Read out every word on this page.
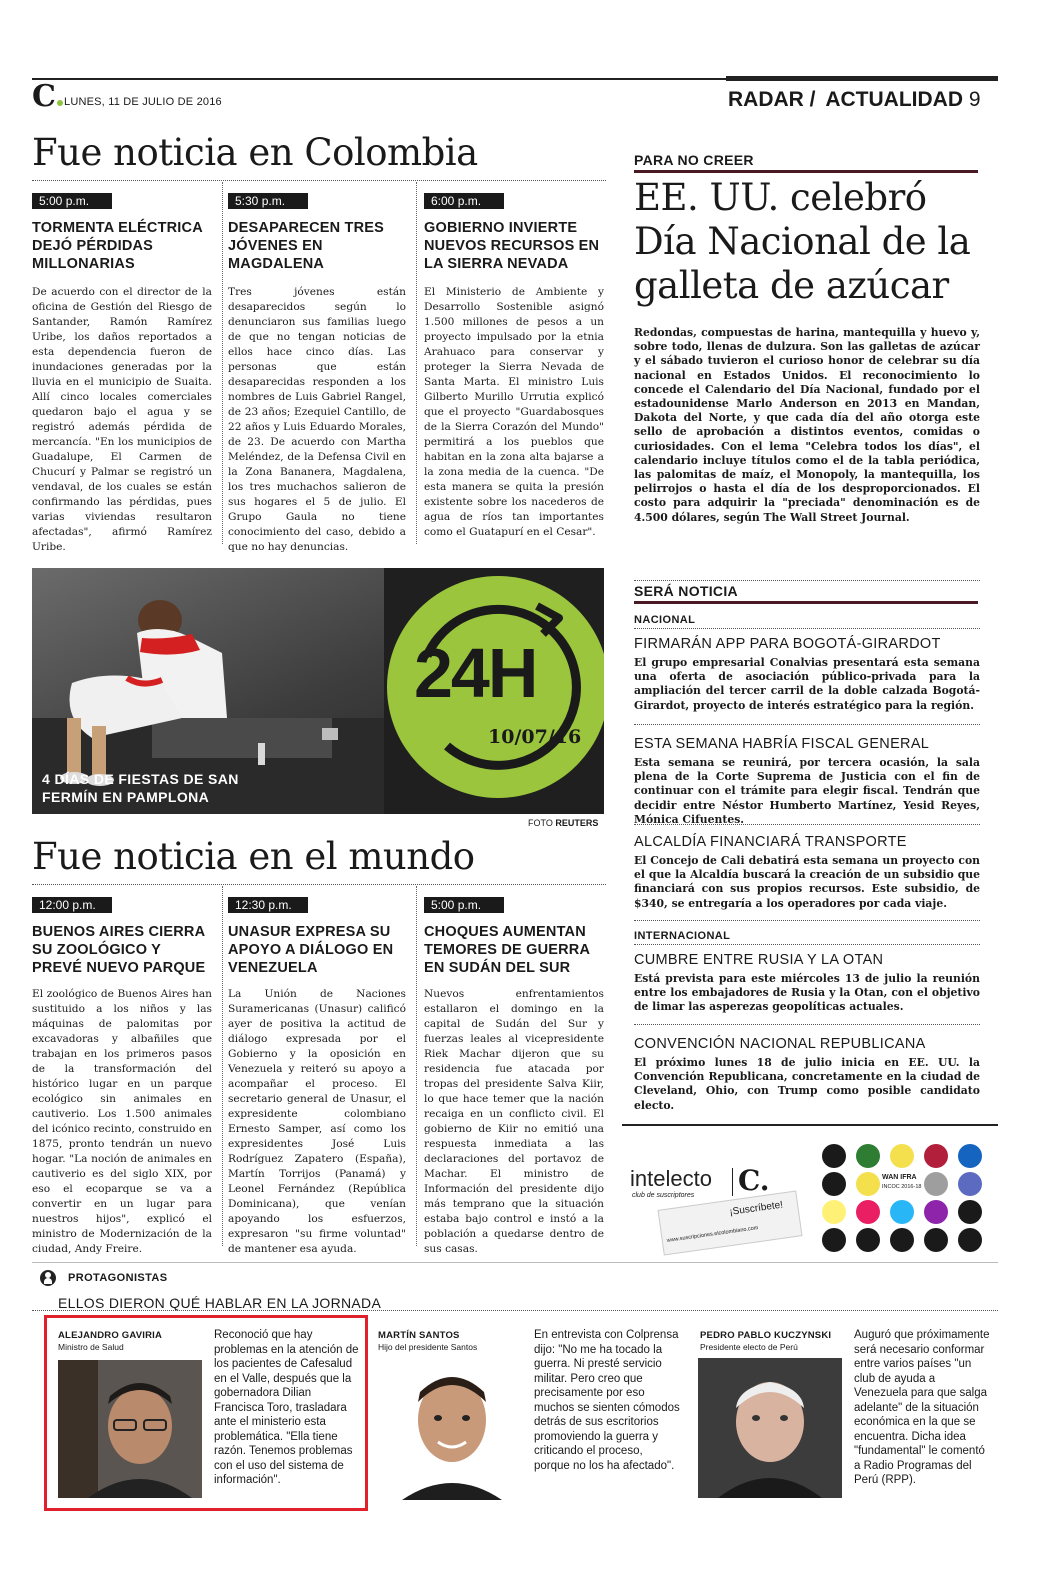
C LUNES, 11 DE JULIO DE 2016	RADAR / ACTUALIDAD 9
Fue noticia en Colombia
5:00 p.m.
TORMENTA ELÉCTRICA DEJÓ PÉRDIDAS MILLONARIAS
De acuerdo con el director de la oficina de Gestión del Riesgo de Santander, Ramón Ramírez Uribe, los daños reportados a esta dependencia fueron de inundaciones generadas por la lluvia en el municipio de Suaita. Allí cinco locales comerciales quedaron bajo el agua y se registró además pérdida de mercancía. "En los municipios de Guadalupe, El Carmen de Chucurí y Palmar se registró un vendaval, de los cuales se están confirmando las pérdidas, pues varias viviendas resultaron afectadas", afirmó Ramírez Uribe.
5:30 p.m.
DESAPARECEN TRES JÓVENES EN MAGDALENA
Tres jóvenes están desaparecidos según lo denunciaron sus familias luego de que no tengan noticias de ellos hace cinco días. Las personas que están desaparecidas responden a los nombres de Luis Gabriel Rangel, de 23 años; Ezequiel Cantillo, de 22 años y Luis Eduardo Morales, de 23. De acuerdo con Martha Meléndez, de la Defensa Civil en la Zona Bananera, Magdalena, los tres muchachos salieron de sus hogares el 5 de julio. El Grupo Gaula no tiene conocimiento del caso, debido a que no hay denuncias.
6:00 p.m.
GOBIERNO INVIERTE NUEVOS RECURSOS EN LA SIERRA NEVADA
El Ministerio de Ambiente y Desarrollo Sostenible asignó 1.500 millones de pesos a un proyecto impulsado por la etnia Arahuaco para conservar y proteger la Sierra Nevada de Santa Marta. El ministro Luis Gilberto Murillo Urrutia explicó que el proyecto "Guardabosques de la Sierra Corazón del Mundo" permitirá a los pueblos que habitan en la zona alta bajarse a la zona media de la cuenca. "De esta manera se quita la presión existente sobre los nacederos de agua de ríos tan importantes como el Guatapurí en el Cesar".
PARA NO CREER
EE. UU. celebró Día Nacional de la galleta de azúcar
Redondas, compuestas de harina, mantequilla y huevo y, sobre todo, llenas de dulzura. Son las galletas de azúcar y el sábado tuvieron el curioso honor de celebrar su día nacional en Estados Unidos. El reconocimiento lo concede el Calendario del Día Nacional, fundado por el estadounidense Marlo Anderson en 2013 en Mandan, Dakota del Norte, y que cada día del año otorga este sello de aprobación a distintos eventos, comidas o curiosidades. Con el lema "Celebra todos los días", el calendario incluye títulos como el de la tabla periódica, las palomitas de maíz, el Monopoly, la mantequilla, los pelirrojos o hasta el día de los desproporcionados. El costo para adquirir la "preciada" denominación es de 4.500 dólares, según The Wall Street Journal.
4 DÍAS DE FIESTAS DE SAN FERMÍN EN PAMPLONA
24H
10/07/16
FOTO REUTERS
SERÁ NOTICIA
NACIONAL
FIRMARÁN APP PARA BOGOTÁ-GIRARDOT
El grupo empresarial Conalvias presentará esta semana una oferta de asociación público-privada para la ampliación del tercer carril de la doble calzada Bogotá-Girardot, proyecto de interés estratégico para la región.
ESTA SEMANA HABRÍA FISCAL GENERAL
Esta semana se reunirá, por tercera ocasión, la sala plena de la Corte Suprema de Justicia con el fin de continuar con el trámite para elegir fiscal. Tendrán que decidir entre Néstor Humberto Martínez, Yesid Reyes, Mónica Cifuentes.
ALCALDÍA FINANCIARÁ TRANSPORTE
El Concejo de Cali debatirá esta semana un proyecto con el que la Alcaldía buscará la creación de un subsidio que financiará con sus propios recursos. Este subsidio, de $340, se entregaría a los operadores por cada viaje.
INTERNACIONAL
CUMBRE ENTRE RUSIA Y LA OTAN
Está prevista para este miércoles 13 de julio la reunión entre los embajadores de Rusia y la Otan, con el objetivo de limar las asperezas geopolíticas actuales.
CONVENCIÓN NACIONAL REPUBLICANA
El próximo lunes 18 de julio inicia en EE. UU. la Convención Republicana, concretamente en la ciudad de Cleveland, Ohio, con Trump como posible candidato electo.
Fue noticia en el mundo
12:00 p.m.
BUENOS AIRES CIERRA SU ZOOLÓGICO Y PREVÉ NUEVO PARQUE
El zoológico de Buenos Aires han sustituido a los niños y las máquinas de palomitas por excavadoras y albañiles que trabajan en los primeros pasos de la transformación del histórico lugar en un parque ecológico sin animales en cautiverio. Los 1.500 animales del icónico recinto, construido en 1875, pronto tendrán un nuevo hogar. "La noción de animales en cautiverio es del siglo XIX, por eso el ecoparque se va a convertir en un lugar para nuestros hijos", explicó el ministro de Modernización de la ciudad, Andy Freire.
12:30 p.m.
UNASUR EXPRESA SU APOYO A DIÁLOGO EN VENEZUELA
La Unión de Naciones Suramericanas (Unasur) calificó ayer de positiva la actitud de diálogo expresada por el Gobierno y la oposición en Venezuela y reiteró su apoyo a acompañar el proceso. El secretario general de Unasur, el expresidente colombiano Ernesto Samper, así como los expresidentes José Luis Rodríguez Zapatero (España), Martín Torrijos (Panamá) y Leonel Fernández (República Dominicana), que venían apoyando los esfuerzos, expresaron "su firme voluntad" de mantener esa ayuda.
5:00 p.m.
CHOQUES AUMENTAN TEMORES DE GUERRA EN SUDÁN DEL SUR
Nuevos enfrentamientos estallaron el domingo en la capital de Sudán del Sur y fuerzas leales al vicepresidente Riek Machar dijeron que su residencia fue atacada por tropas del presidente Salva Kiir, lo que hace temer que la nación recaiga en un conflicto civil. El gobierno de Kiir no emitió una respuesta inmediata a las declaraciones del portavoz de Machar. El ministro de Información del presidente dijo más temprano que la situación estaba bajo control e instó a la población a quedarse dentro de sus casas.
intelecto
club de suscriptores C.
¡Suscríbete!
www.suscripciones.elcolombiano.com
WAN IFRA
INCOC 2016-18
PROTAGONISTAS
ELLOS DIERON QUÉ HABLAR EN LA JORNADA
ALEJANDRO GAVIRIA
Ministro de Salud
Reconoció que hay problemas en la atención de los pacientes de Cafesalud en el Valle, después que la gobernadora Dilian Francisca Toro, trasladara ante el ministerio esta problemática. "Ella tiene razón. Tenemos problemas con el uso del sistema de información".
MARTÍN SANTOS
Hijo del presidente Santos
En entrevista con Colprensa dijo: "No me ha tocado la guerra. Ni presté servicio militar. Pero creo que precisamente por eso muchos se sienten cómodos detrás de sus escritorios promoviendo la guerra y criticando el proceso, porque no los ha afectado".
PEDRO PABLO KUCZYNSKI
Presidente electo de Perú
Auguró que próximamente será necesario conformar entre varios países "un club de ayuda a Venezuela para que salga adelante" de la situación económica en la que se encuentra. Dicha idea "fundamental" le comentó a Radio Programas del Perú (RPP).
